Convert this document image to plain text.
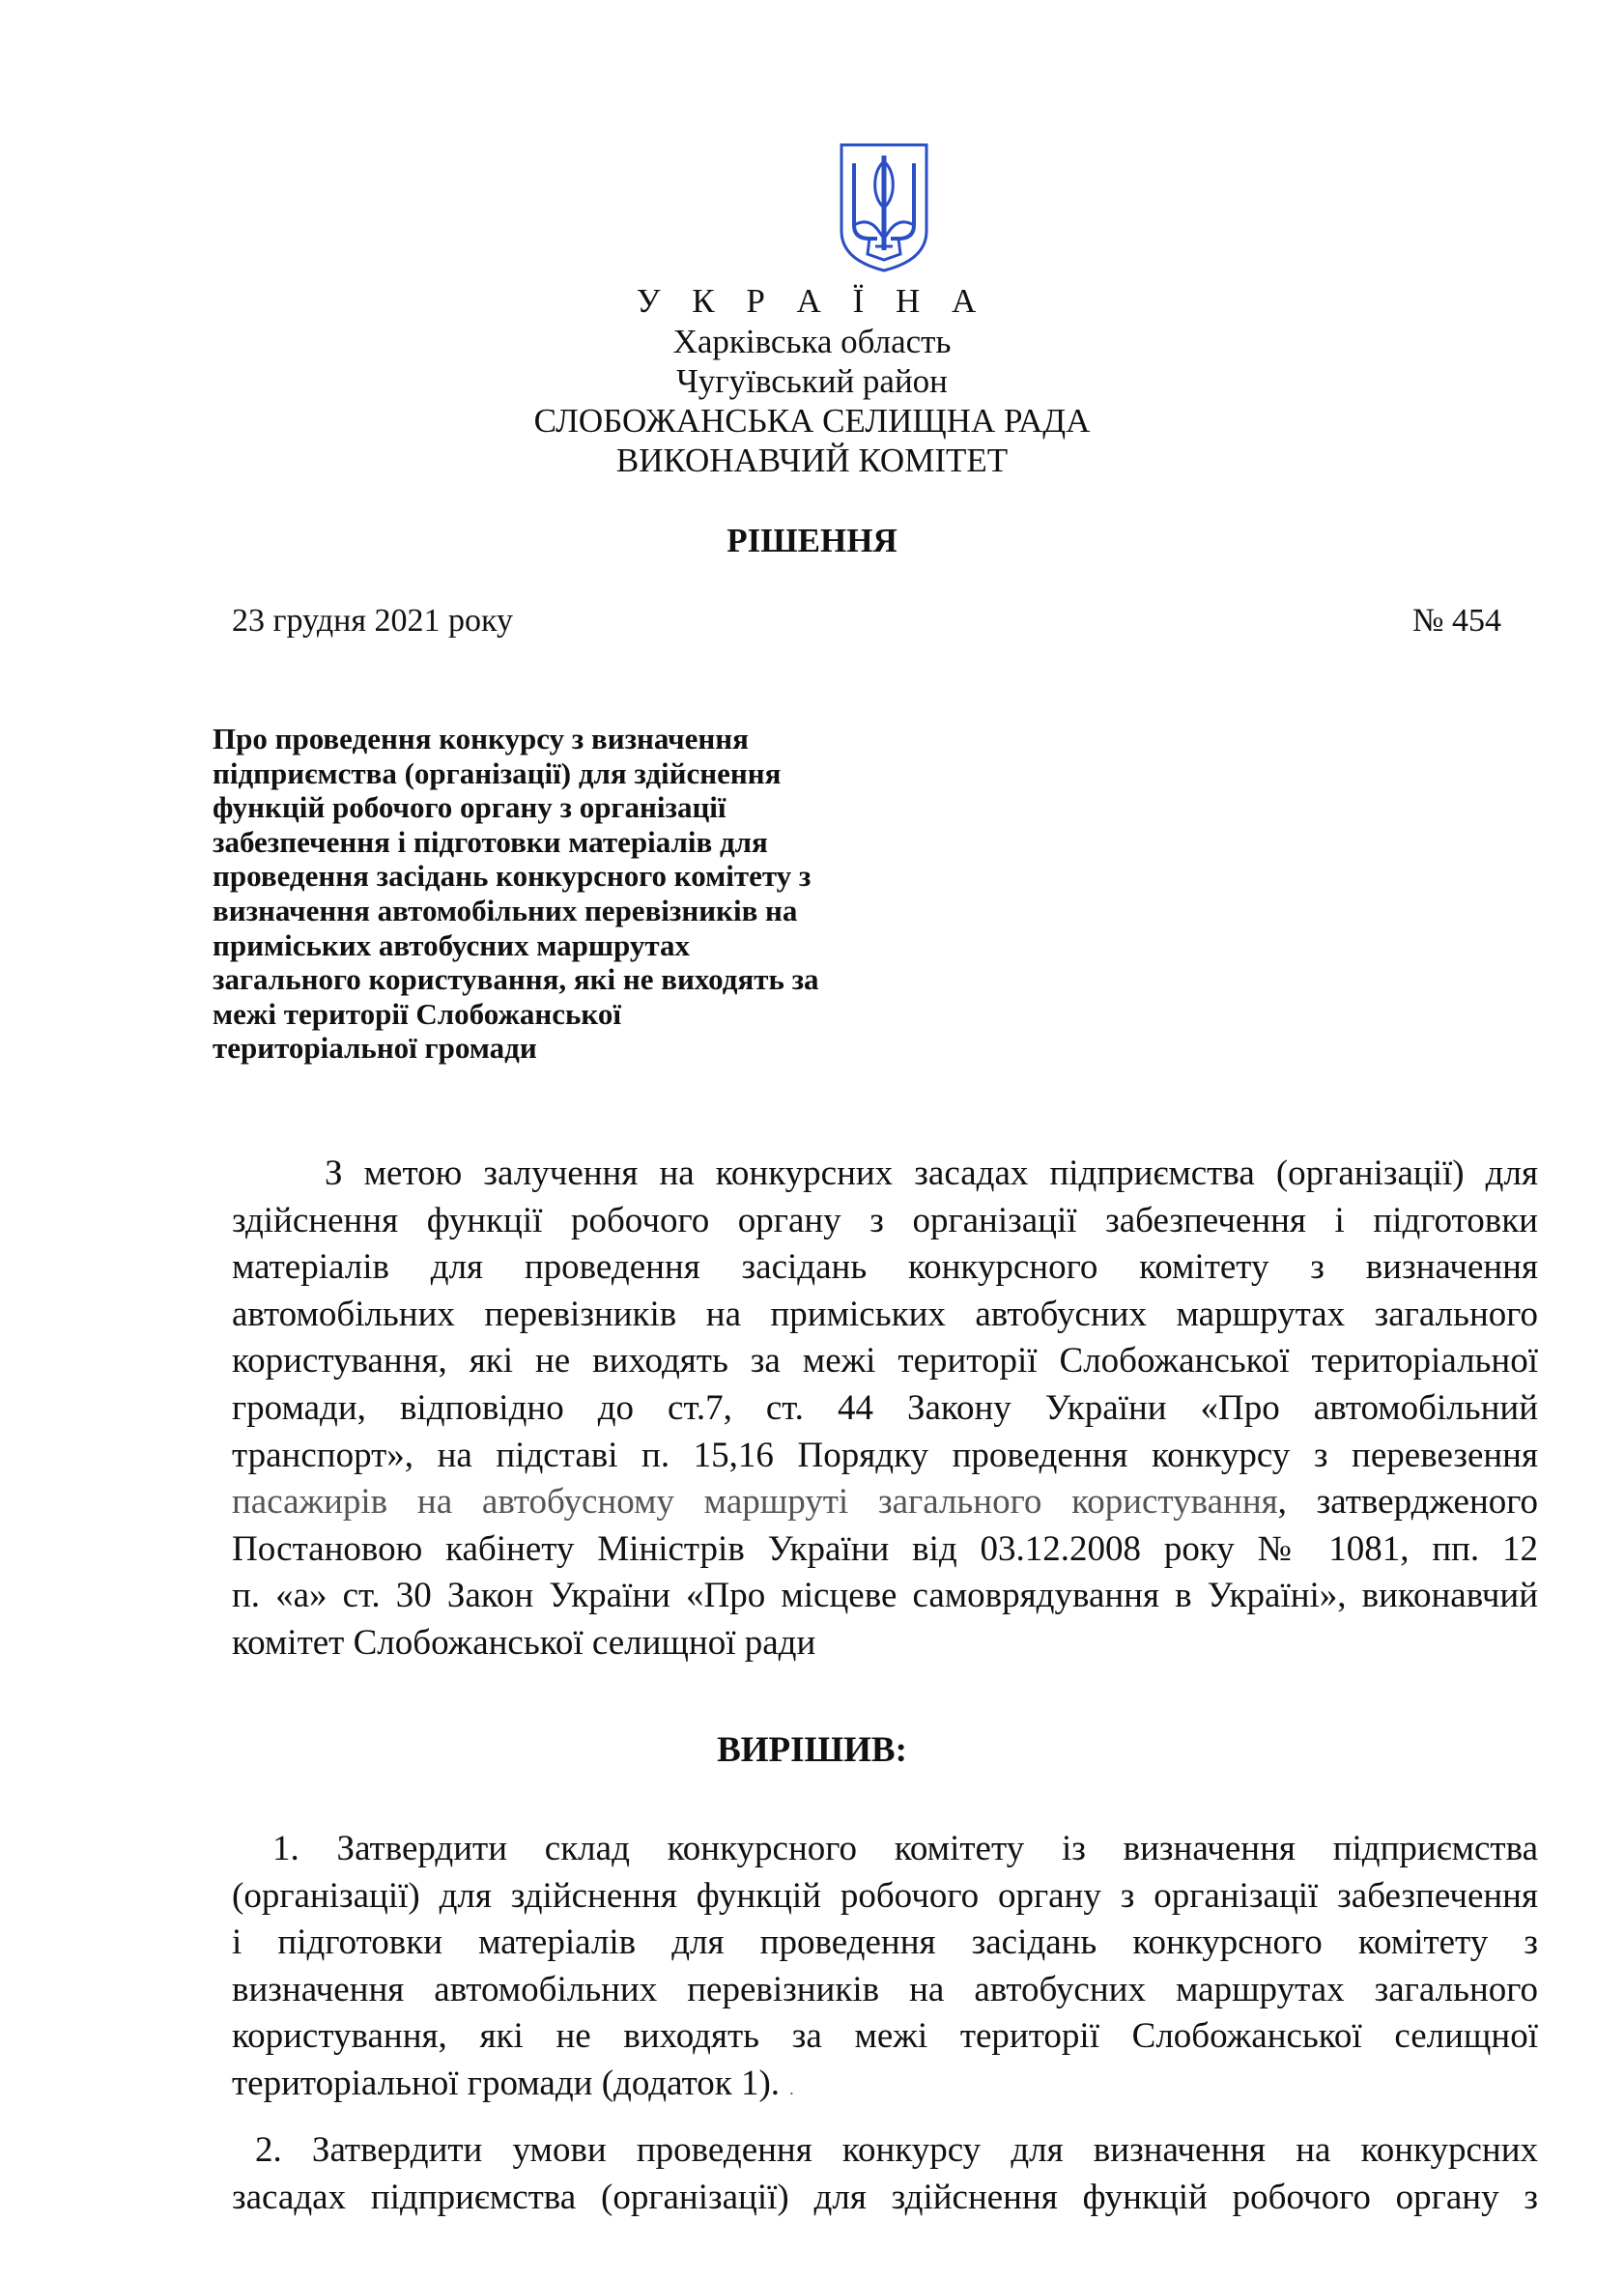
У К Р А Ї Н А
Харківська область
Чугуївський район
СЛОБОЖАНСЬКА СЕЛИЩНА РАДА
ВИКОНАВЧИЙ КОМІТЕТ
РІШЕННЯ
23 грудня 2021 року	№ 454
Про проведення конкурсу з визначення
підприємства (організації) для здійснення
функцій робочого органу з організації
забезпечення і підготовки матеріалів для
проведення засідань конкурсного комітету з
визначення автомобільних перевізників на
приміських автобусних маршрутах
загального користування, які не виходять за
межі території Слобожанської
територіальної громади
З метою залучення на конкурсних засадах підприємства (організації) для
здійснення функції робочого органу з організації забезпечення і підготовки
матеріалів для проведення засідань конкурсного комітету з визначення
автомобільних перевізників на приміських автобусних маршрутах загального
користування, які не виходять за межі території Слобожанської територіальної
громади, відповідно до ст.7, ст. 44 Закону України «Про автомобільний
транспорт», на підставі п. 15,16 Порядку проведення конкурсу з перевезення
пасажирів на автобусному маршруті загального користування, затвердженого
Постановою кабінету Міністрів України від 03.12.2008 року № 1081, пп. 12
п. «а» ст. 30 Закон України «Про місцеве самоврядування в Україні», виконавчий
комітет Слобожанської селищної ради
ВИРІШИВ:
1. Затвердити склад конкурсного комітету із визначення підприємства
(організації) для здійснення функцій робочого органу з організації забезпечення
і підготовки матеріалів для проведення засідань конкурсного комітету з
визначення автомобільних перевізників на автобусних маршрутах загального
користування, які не виходять за межі території Слобожанської селищної
територіальної громади (додаток 1). .
2. Затвердити умови проведення конкурсу для визначення на конкурсних
засадах підприємства (організації) для здійснення функцій робочого органу з
